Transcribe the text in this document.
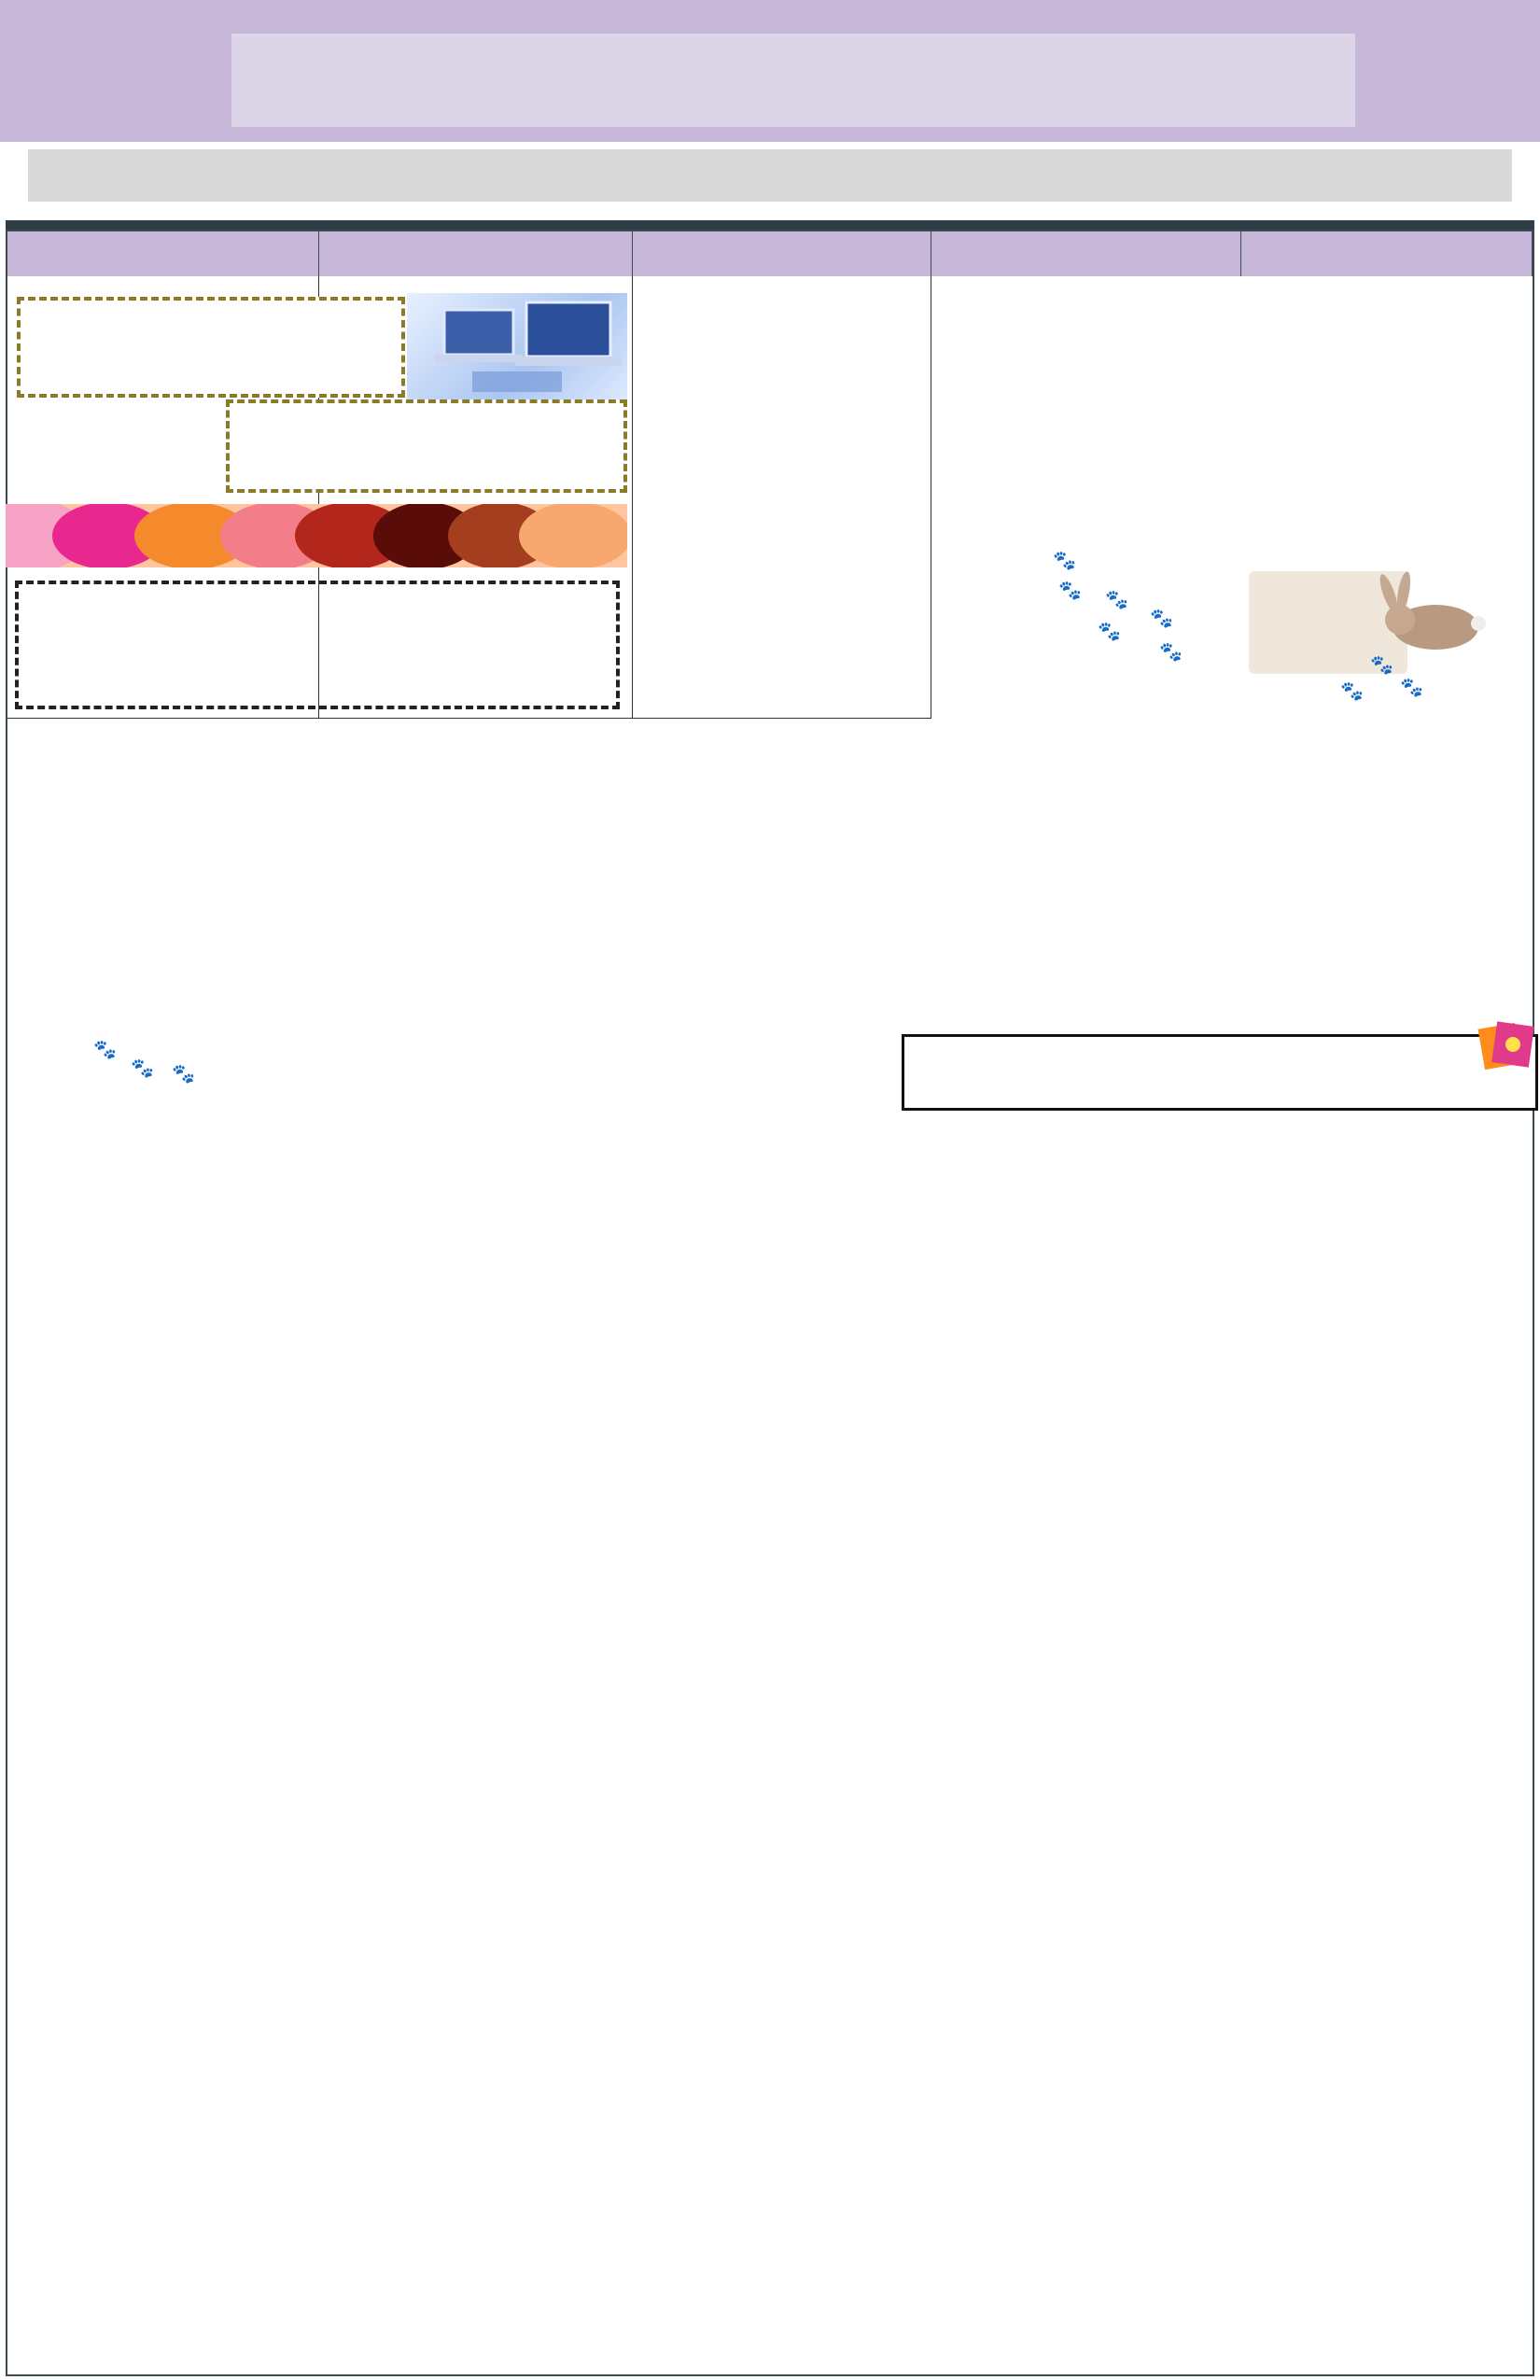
🐾
🐾 🐾
🐾
🐾
🐾
🐾
🐾 🐾
🐾
🐾
🐾
